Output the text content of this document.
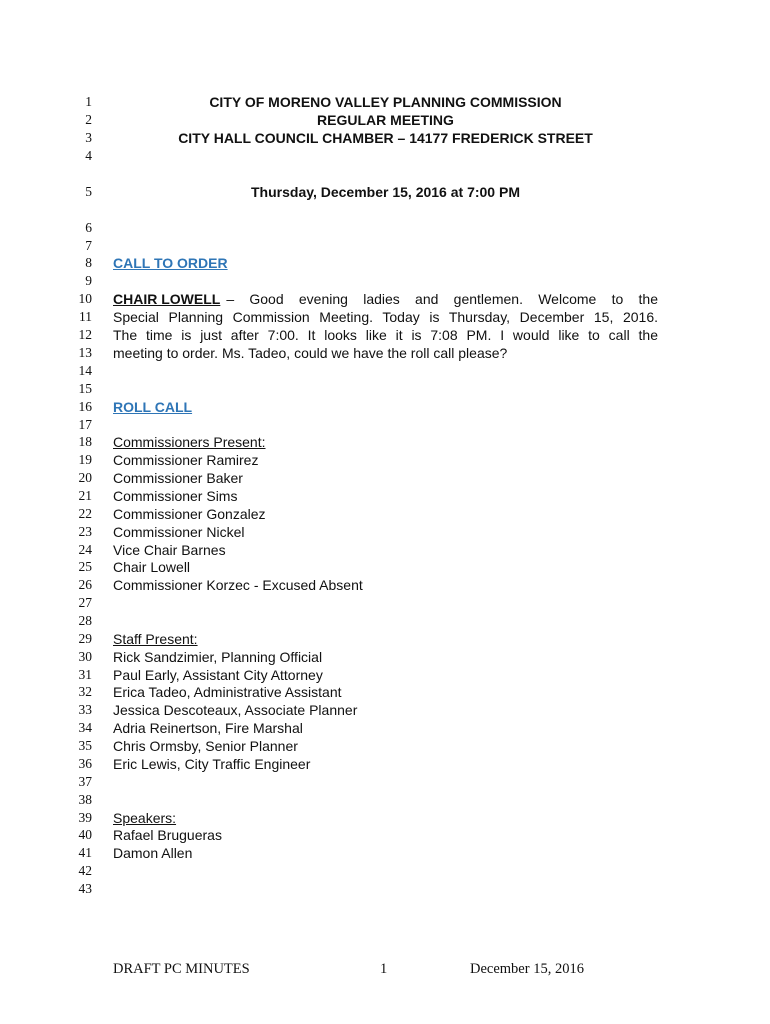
1
2
3
4
5
6
7
8
9
10
11
12
13
14
15
16
17
18
19
20
21
22
23
24
25
26
27
28
29
30
31
32
33
34
35
36
37
38
39
40
41
42
43
CITY OF MORENO VALLEY PLANNING COMMISSION
REGULAR MEETING
CITY HALL COUNCIL CHAMBER – 14177 FREDERICK STREET
Thursday, December 15, 2016 at 7:00 PM
CALL TO ORDER
CHAIR LOWELL – Good evening ladies and gentlemen. Welcome to the
Special Planning Commission Meeting. Today is Thursday, December 15, 2016.
The time is just after 7:00. It looks like it is 7:08 PM. I would like to call the
meeting to order. Ms. Tadeo, could we have the roll call please?
ROLL CALL
Commissioners Present:
Commissioner Ramirez
Commissioner Baker
Commissioner Sims
Commissioner Gonzalez
Commissioner Nickel
Vice Chair Barnes
Chair Lowell
Commissioner Korzec - Excused Absent
Staff Present:
Rick Sandzimier, Planning Official
Paul Early, Assistant City Attorney
Erica Tadeo, Administrative Assistant
Jessica Descoteaux, Associate Planner
Adria Reinertson, Fire Marshal
Chris Ormsby, Senior Planner
Eric Lewis, City Traffic Engineer
Speakers:
Rafael Brugueras
Damon Allen
DRAFT PC MINUTES	1	December 15, 2016
